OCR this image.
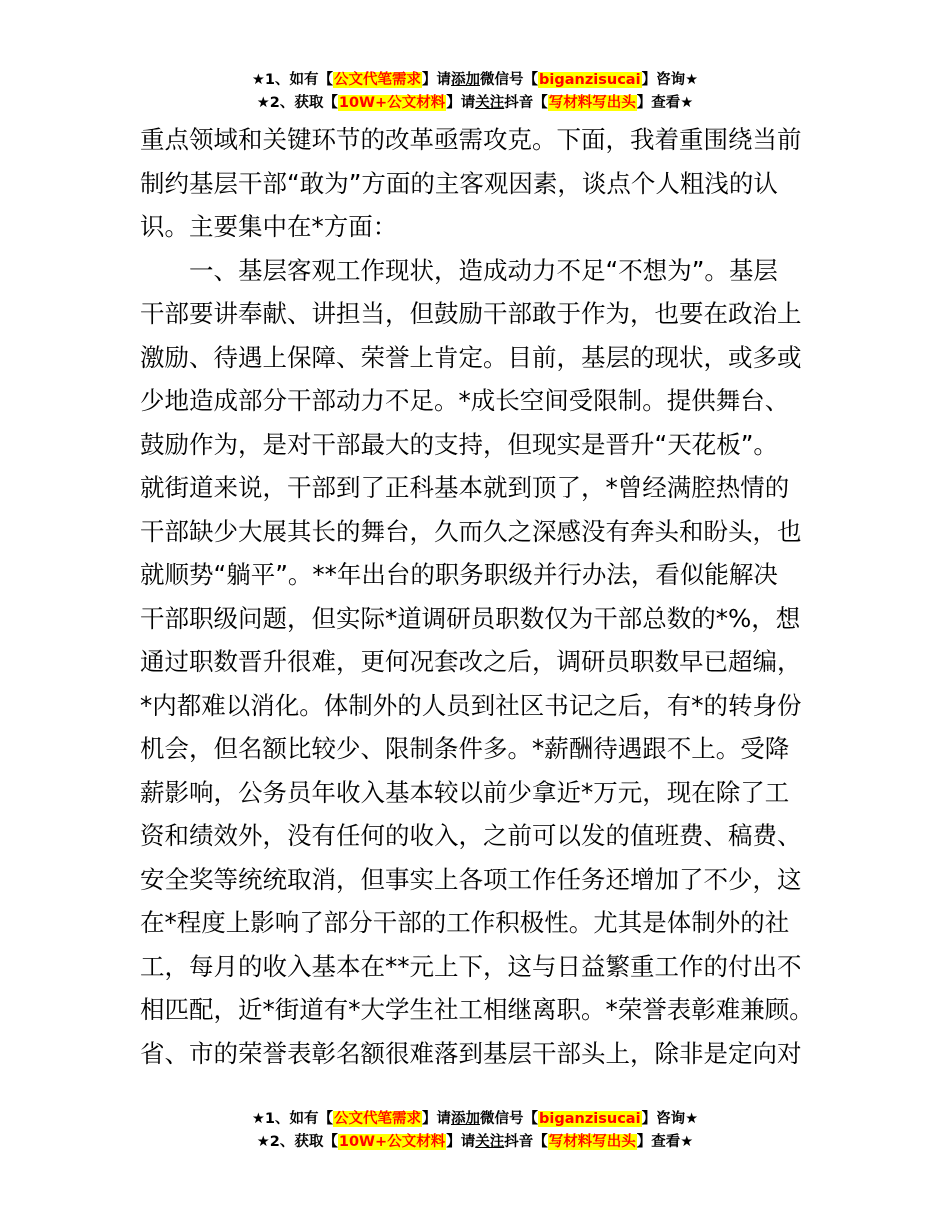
★1、如有【公文代笔需求】请添加微信号【biganzisucai】咨询★
★2、获取【10W+公文材料】请关注抖音【写材料写出头】查看★

重点领域和关键环节的改革亟需攻克。下面，我着重围绕当前

制约基层干部“敢为”方面的主客观因素，谈点个人粗浅的认

识。主要集中在*方面：

一、基层客观工作现状，造成动力不足“不想为”。基层

干部要讲奉献、讲担当，但鼓励干部敢于作为，也要在政治上

激励、待遇上保障、荣誉上肯定。目前，基层的现状，或多或

少地造成部分干部动力不足。*成长空间受限制。提供舞台、

鼓励作为，是对干部最大的支持，但现实是晋升“天花板”。

就街道来说，干部到了正科基本就到顶了，*曾经满腔热情的

干部缺少大展其长的舞台，久而久之深感没有奔头和盼头，也

就顺势“躺平”。**年出台的职务职级并行办法，看似能解决

干部职级问题，但实际*道调研员职数仅为干部总数的*%，想

通过职数晋升很难，更何况套改之后，调研员职数早已超编，

*内都难以消化。体制外的人员到社区书记之后，有*的转身份

机会，但名额比较少、限制条件多。*薪酬待遇跟不上。受降

薪影响，公务员年收入基本较以前少拿近*万元，现在除了工

资和绩效外，没有任何的收入，之前可以发的值班费、稿费、

安全奖等统统取消，但事实上各项工作任务还增加了不少，这

在*程度上影响了部分干部的工作积极性。尤其是体制外的社

工，每月的收入基本在**元上下，这与日益繁重工作的付出不

相匹配，近*街道有*大学生社工相继离职。*荣誉表彰难兼顾。

省、市的荣誉表彰名额很难落到基层干部头上，除非是定向对

★1、如有【公文代笔需求】请添加微信号【biganzisucai】咨询★
★2、获取【10W+公文材料】请关注抖音【写材料写出头】查看★
